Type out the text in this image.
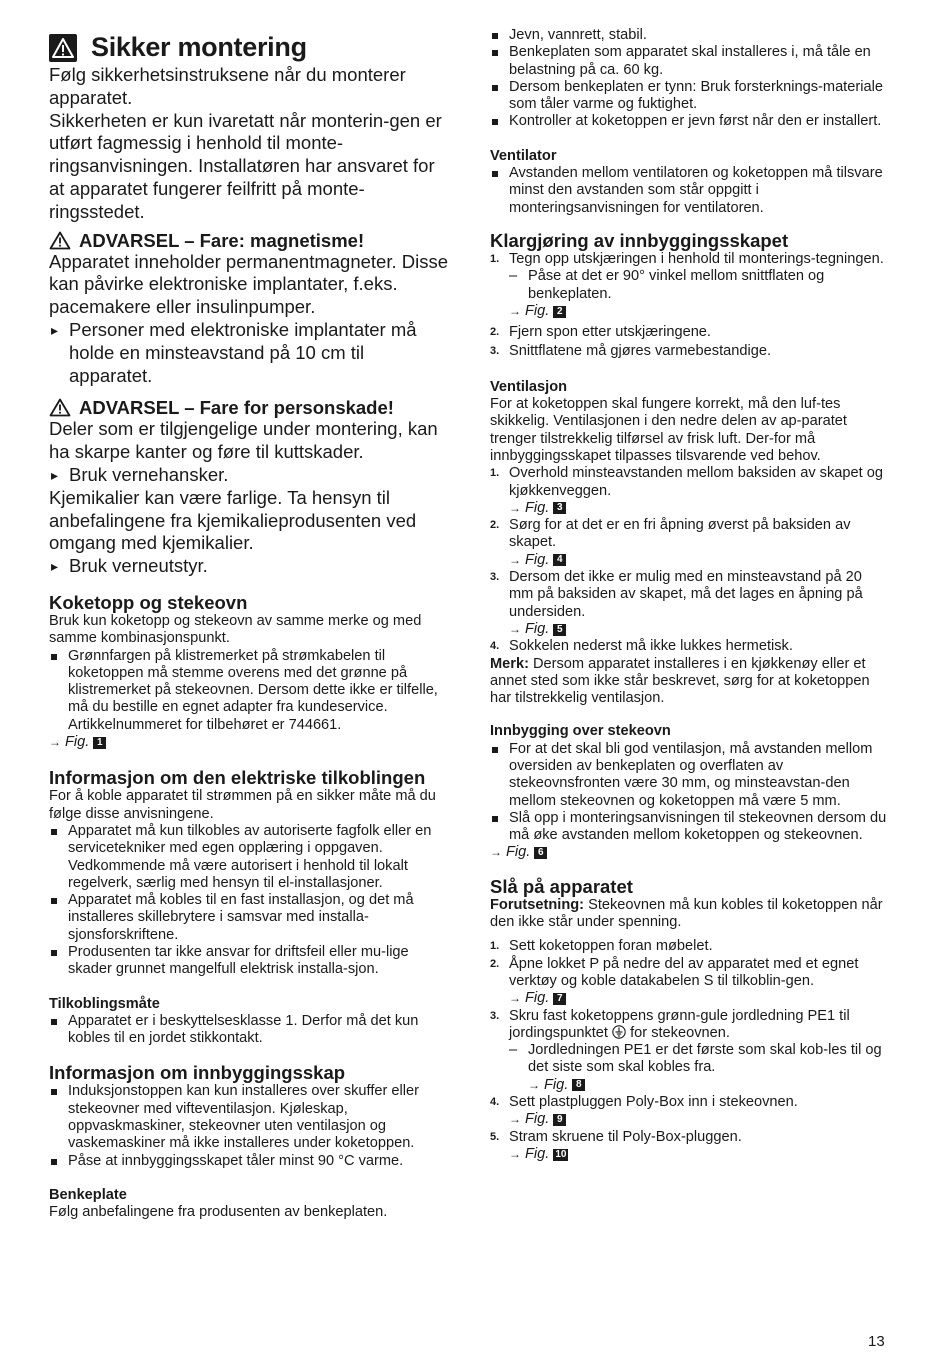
Sikker montering

Følg sikkerhetsinstruksene når du monterer apparatet.

Sikkerheten er kun ivaretatt når monterin-gen er utført fagmessig i henhold til monte-ringsanvisningen. Installatøren har ansvaret for at apparatet fungerer feilfritt på monte-ringsstedet.

ADVARSEL – Fare: magnetisme!

Apparatet inneholder permanentmagneter. Disse kan påvirke elektroniske implantater, f.eks. pacemakere eller insulinpumper.

▸ Personer med elektroniske implantater må holde en minsteavstand på 10 cm til apparatet.

ADVARSEL – Fare for personskade!

Deler som er tilgjengelige under montering, kan ha skarpe kanter og føre til kuttskader.

▸ Bruk vernehansker.

Kjemikalier kan være farlige. Ta hensyn til anbefalingene fra kjemikalieprodusenten ved omgang med kjemikalier.

▸ Bruk verneutstyr.

Koketopp og stekeovn

Bruk kun koketopp og stekeovn av samme merke og med samme kombinasjonspunkt.

Grønnfargen på klistremerket på strømkabelen til koketoppen må stemme overens med det grønne på klistremerket på stekeovnen. Dersom dette ikke er tilfelle, må du bestille en egnet adapter fra kundeservice. Artikkelnummeret for tilbehøret er 744661.
→ Fig. 1

Informasjon om den elektriske tilkoblingen

For å koble apparatet til strømmen på en sikker måte må du følge disse anvisningene.

Apparatet må kun tilkobles av autoriserte fagfolk eller en servicetekniker med egen opplæring i oppgaven. Vedkommende må være autorisert i henhold til lokalt regelverk, særlig med hensyn til el-installasjoner.
Apparatet må kobles til en fast installasjon, og det må installeres skillebrytere i samsvar med installa-sjonsforskriftene.
Produsenten tar ikke ansvar for driftsfeil eller mu-lige skader grunnet mangelfull elektrisk installa-sjon.

Tilkoblingsmåte

Apparatet er i beskyttelsesklasse 1. Derfor må det kun kobles til en jordet stikkontakt.

Informasjon om innbyggingsskap

Induksjonstoppen kan kun installeres over skuffer eller stekeovner med vifteventilasjon. Kjøleskap, oppvaskmaskiner, stekeovner uten ventilasjon og vaskemaskiner må ikke installeres under koketoppen.
Påse at innbyggingsskapet tåler minst 90 °C varme.

Benkeplate

Følg anbefalingene fra produsenten av benkeplaten.

Jevn, vannrett, stabil.
Benkeplaten som apparatet skal installeres i, må tåle en belastning på ca. 60 kg.
Dersom benkeplaten er tynn: Bruk forsterknings-materiale som tåler varme og fuktighet.
Kontroller at koketoppen er jevn først når den er installert.

Ventilator

Avstanden mellom ventilatoren og koketoppen må tilsvare minst den avstanden som står oppgitt i monteringsanvisningen for ventilatoren.

Klargjøring av innbyggingsskapet

1. Tegn opp utskjæringen i henhold til monterings-tegningen.
– Påse at det er 90° vinkel mellom snittflaten og benkeplaten.
→ Fig. 2
2. Fjern spon etter utskjæringene.
3. Snittflatene må gjøres varmebestandige.

Ventilasjon

For at koketoppen skal fungere korrekt, må den luf-tes skikkelig. Ventilasjonen i den nedre delen av ap-paratet trenger tilstrekkelig tilførsel av frisk luft. Der-for må innbyggingsskapet tilpasses tilsvarende ved behov.

1. Overhold minsteavstanden mellom baksiden av skapet og kjøkkenveggen.
→ Fig. 3
2. Sørg for at det er en fri åpning øverst på baksiden av skapet.
→ Fig. 4
3. Dersom det ikke er mulig med en minsteavstand på 20 mm på baksiden av skapet, må det lages en åpning på undersiden.
→ Fig. 5
4. Sokkelen nederst må ikke lukkes hermetisk.

Merk: Dersom apparatet installeres i en kjøkkenøy eller et annet sted som ikke står beskrevet, sørg for at koketoppen har tilstrekkelig ventilasjon.

Innbygging over stekeovn

For at det skal bli god ventilasjon, må avstanden mellom oversiden av benkeplaten og overflaten av stekeovnsfronten være 30 mm, og minsteavstan-den mellom stekeovnen og koketoppen må være 5 mm.
Slå opp i monteringsanvisningen til stekeovnen dersom du må øke avstanden mellom koketoppen og stekeovnen.
→ Fig. 6

Slå på apparatet

Forutsetning: Stekeovnen må kun kobles til koketoppen når den ikke står under spenning.

1. Sett koketoppen foran møbelet.
2. Åpne lokket P på nedre del av apparatet med et egnet verktøy og koble datakabelen S til tilkoblin-gen.
→ Fig. 7
3. Skru fast koketoppens grønn-gule jordledning PE1 til jordingspunktet for stekeovnen.
– Jordledningen PE1 er det første som skal kob-les til og det siste som skal kobles fra.
→ Fig. 8
4. Sett plastpluggen Poly-Box inn i stekeovnen.
→ Fig. 9
5. Stram skruene til Poly-Box-pluggen.
→ Fig. 10
13
